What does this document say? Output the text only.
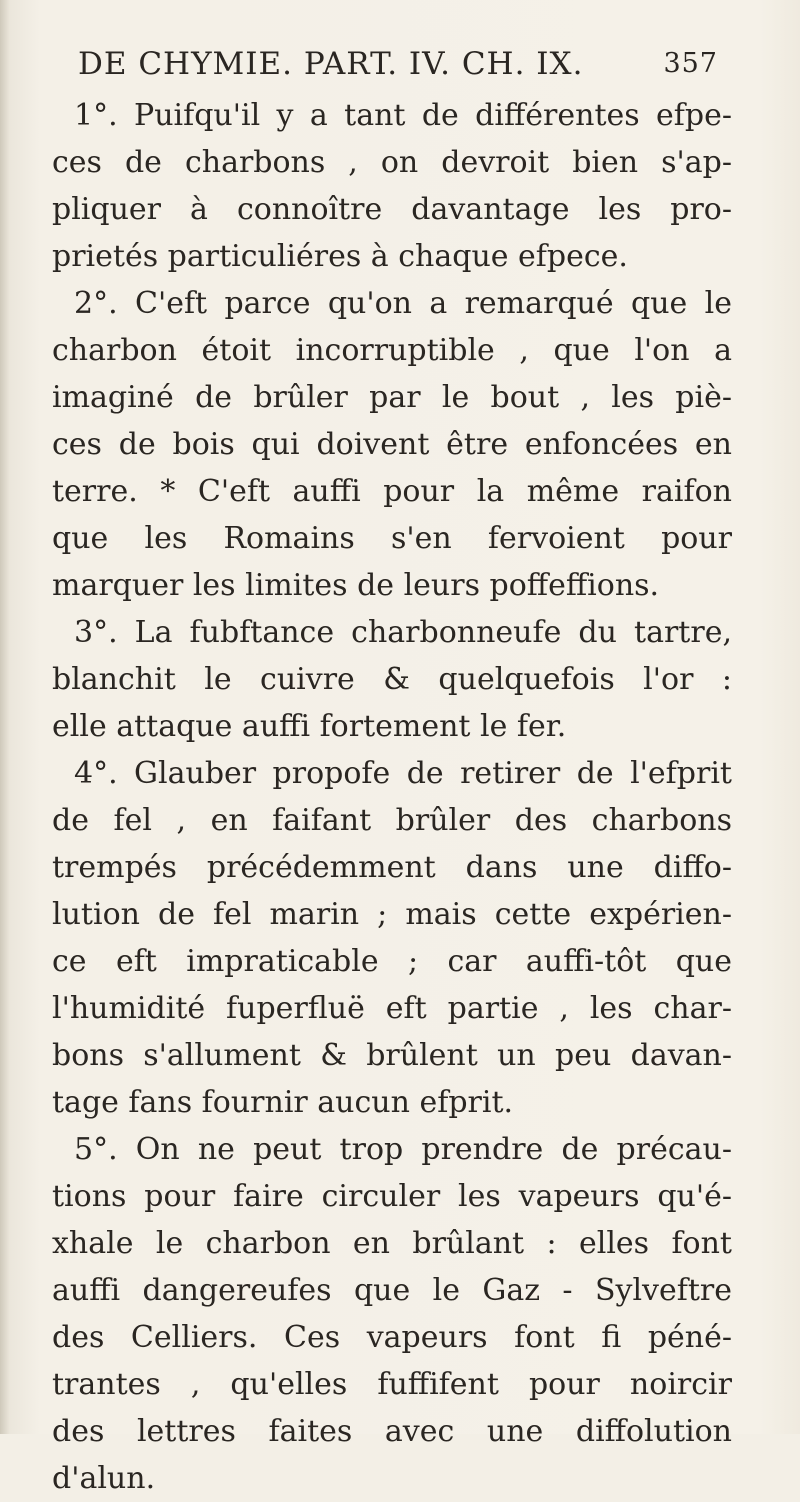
DE CHYMIE. PART. IV. CH. IX.	357
1°. Puifqu'il y a tant de différentes efpe-
ces de charbons , on devroit bien s'ap-
pliquer à connoître davantage les pro-
prietés particuliéres à chaque efpece.
2°. C'eft parce qu'on a remarqué que le
charbon étoit incorruptible , que l'on a
imaginé de brûler par le bout , les piè-
ces de bois qui doivent être enfoncées en
terre. * C'eft auffi pour la même raifon
que les Romains s'en fervoient pour
marquer les limites de leurs poffeffions.
3°. La fubftance charbonneufe du tartre,
blanchit le cuivre & quelquefois l'or :
elle attaque auffi fortement le fer.
4°. Glauber propofe de retirer de l'efprit
de fel , en faifant brûler des charbons
trempés précédemment dans une diffo-
lution de fel marin ; mais cette expérien-
ce eft impraticable ; car auffi-tôt que
l'humidité fuperfluë eft partie , les char-
bons s'allument & brûlent un peu davan-
tage fans fournir aucun efprit.
5°. On ne peut trop prendre de précau-
tions pour faire circuler les vapeurs qu'é-
xhale le charbon en brûlant : elles font
auffi dangereufes que le Gaz - Sylveftre
des Celliers. Ces vapeurs font fi péné-
trantes , qu'elles fuffifent pour noircir
des lettres faites avec une diffolution
d'alun.
